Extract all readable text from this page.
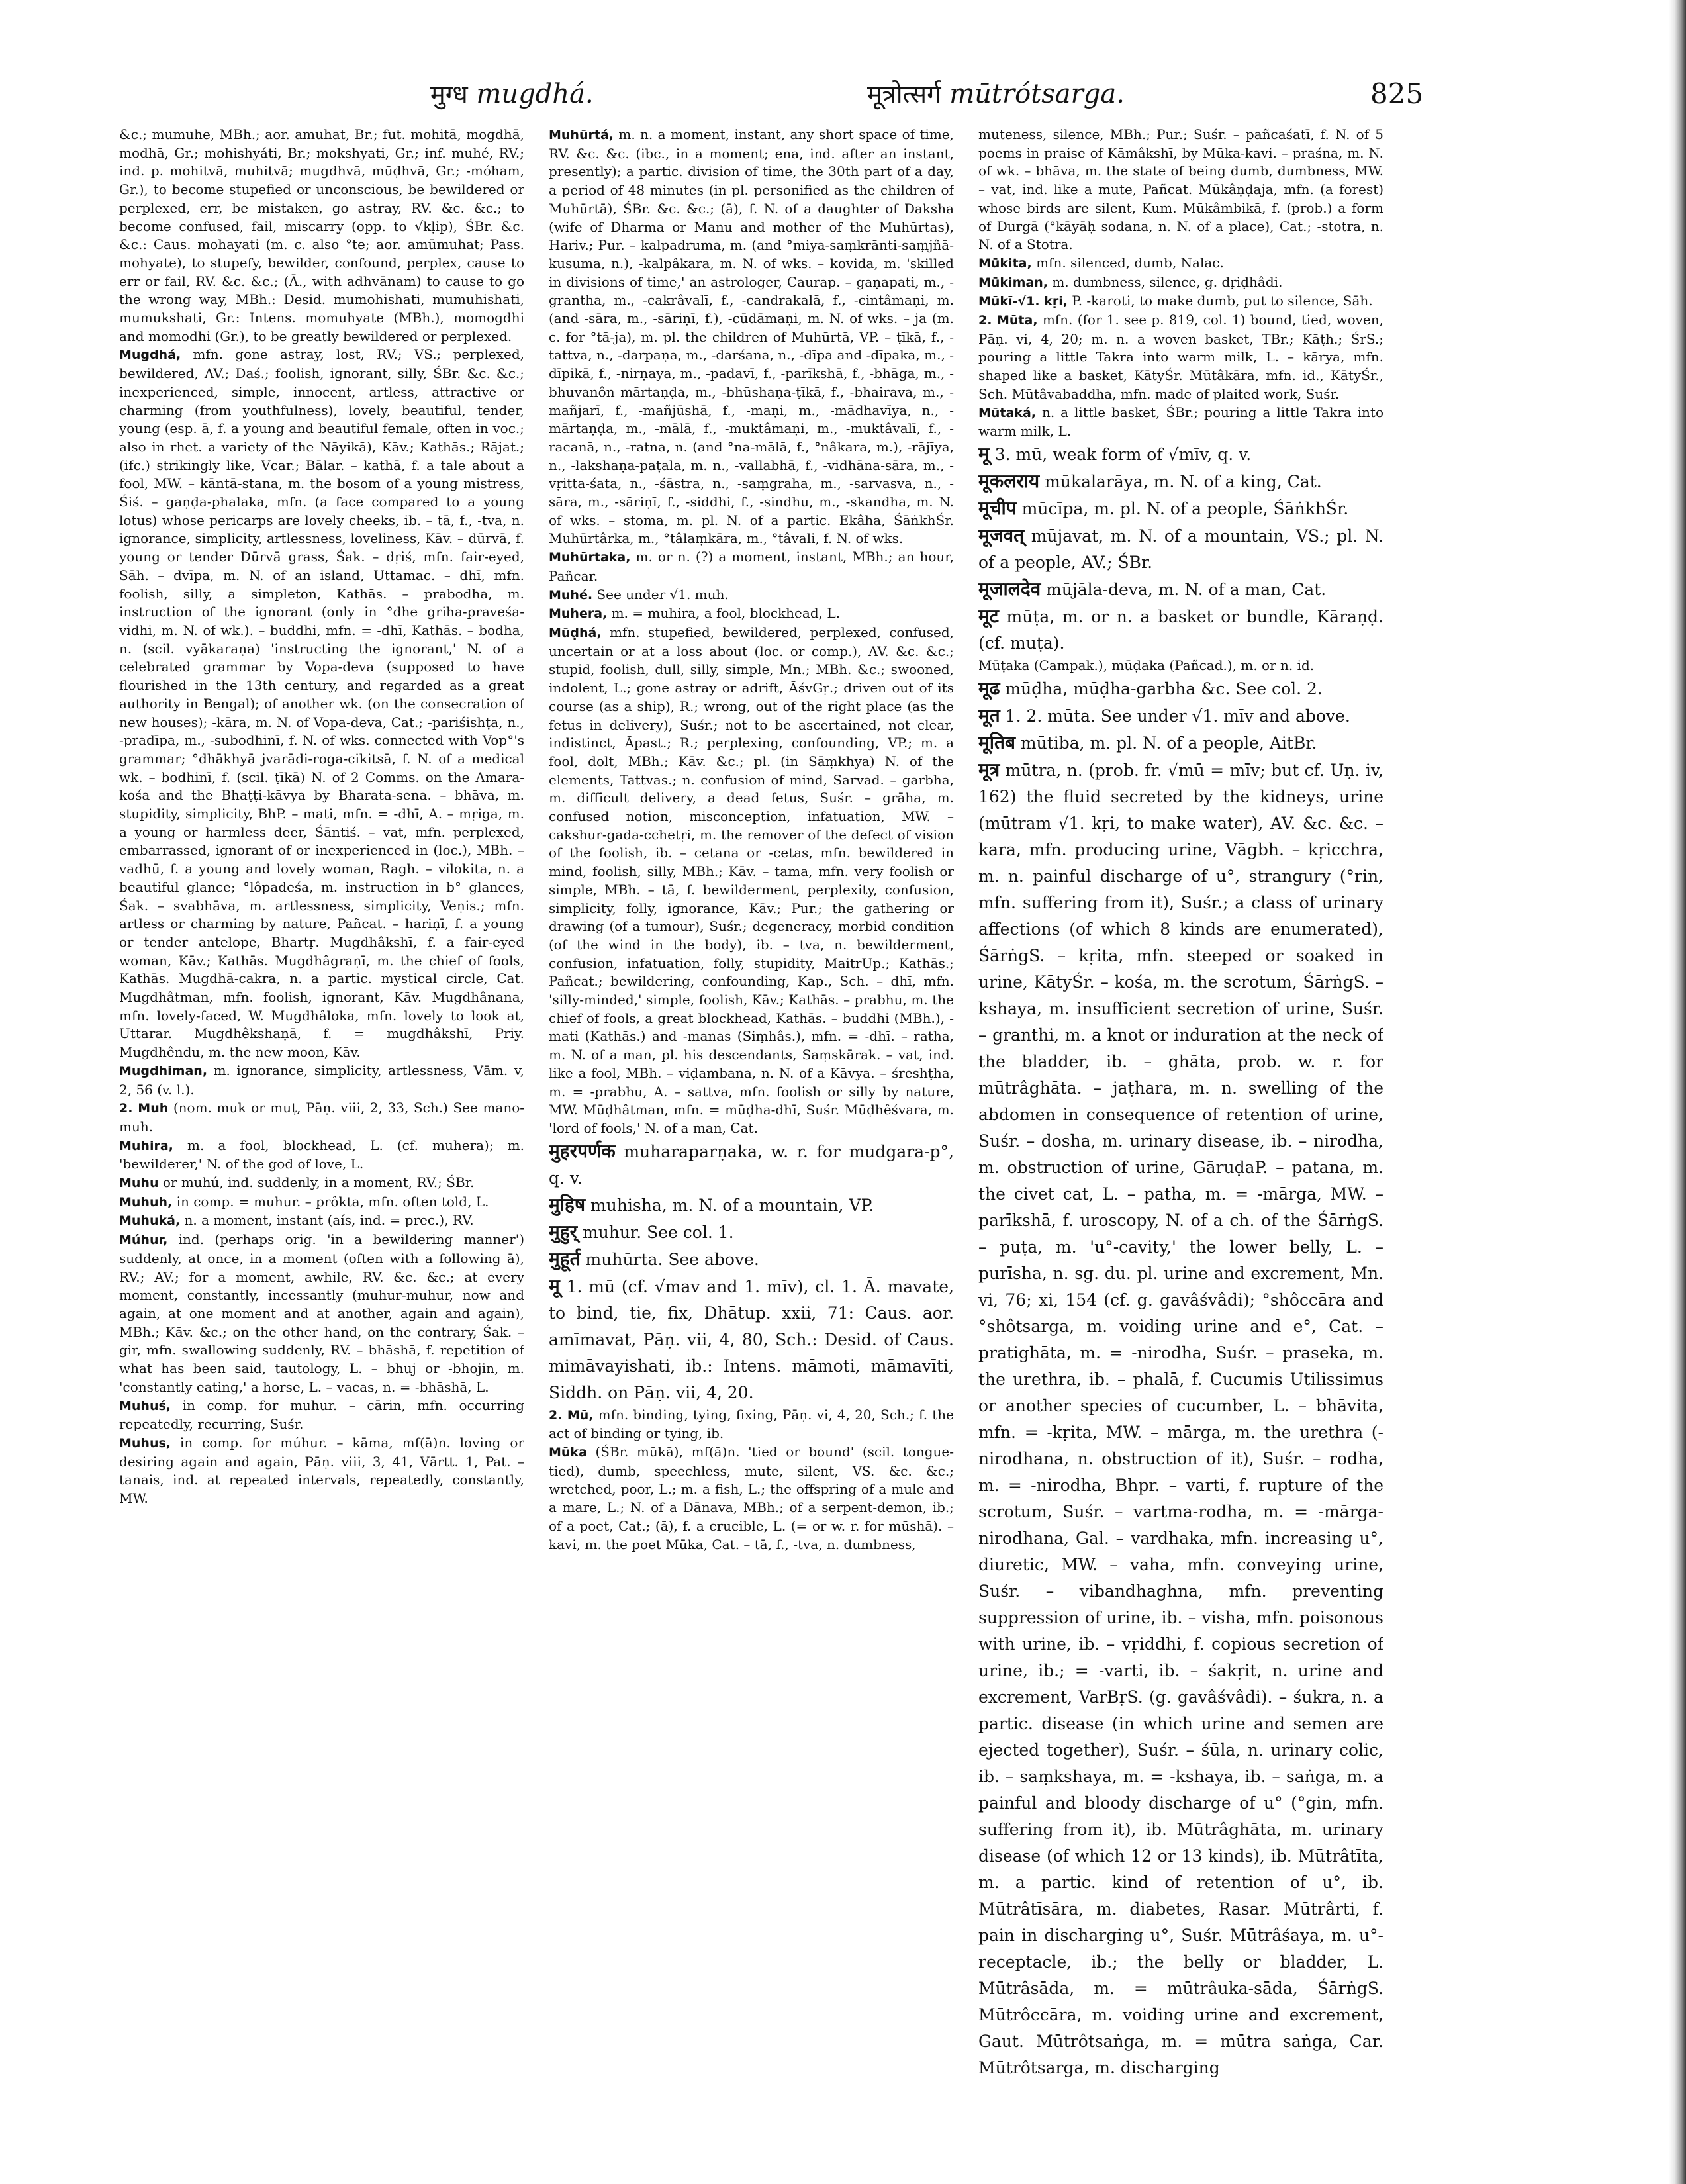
मुग्ध mugdhá.	मूत्रोत्सर्ग mūtrótsarga.	825

&c.; mumuhe, MBh.; aor. amuhat, Br.; fut. mohitā, mogdhā, modhā, Gr.; mohishyáti, Br.; mokshyati, Gr.; inf. muhé, RV.; ind. p. mohitvā, muhitvā; mugdhvā, mūḍhvā, Gr.; -móham, Gr.), to become stupefied or unconscious, be bewildered or perplexed, err, be mistaken, go astray, RV. &c. &c.; to become confused, fail, miscarry (opp. to √kḷip), ŚBr. &c. &c.: Caus. mohayati (m. c. also °te; aor. amūmuhat; Pass. mohyate), to stupefy, bewilder, confound, perplex, cause to err or fail, RV. &c. &c.; (Ā., with adhvānam) to cause to go the wrong way, MBh.: Desid. mumohishati, mumuhishati, mumukshati, Gr.: Intens. momuhyate (MBh.), momogdhi and momodhi (Gr.), to be greatly bewildered or perplexed.

Mugdhá, mfn. gone astray, lost, RV.; VS.; perplexed, bewildered, AV.; Daś.; foolish, ignorant, silly, ŚBr. &c. &c.; inexperienced, simple, innocent, artless, attractive or charming (from youthfulness), lovely, beautiful, tender, young (esp. ā, f. a young and beautiful female, often in voc.; also in rhet. a variety of the Nāyikā), Kāv.; Kathās.; Rājat.; (ifc.) strikingly like, Vcar.; Bālar. – kathā, f. a tale about a fool, MW. – kāntā-stana, m. the bosom of a young mistress, Śiś. – gaṇḍa-phalaka, mfn. (a face compared to a young lotus) whose pericarps are lovely cheeks, ib. – tā, f., -tva, n. ignorance, simplicity, artlessness, loveliness, Kāv. – dūrvā, f. young or tender Dūrvā grass, Śak. – dṛiś, mfn. fair-eyed, Sāh. – dvīpa, m. N. of an island, Uttamac. – dhī, mfn. foolish, silly, a simpleton, Kathās. – prabodha, m. instruction of the ignorant (only in °dhe griha-praveśa-vidhi, m. N. of wk.). – buddhi, mfn. = -dhī, Kathās. – bodha, n. (scil. vyākaraṇa) 'instructing the ignorant,' N. of a celebrated grammar by Vopa-deva (supposed to have flourished in the 13th century, and regarded as a great authority in Bengal); of another wk. (on the consecration of new houses); -kāra, m. N. of Vopa-deva, Cat.; -pariśishṭa, n., -pradīpa, m., -subodhinī, f. N. of wks. connected with Vop°'s grammar; °dhākhyā jvarādi-roga-cikitsā, f. N. of a medical wk. – bodhinī, f. (scil. ṭīkā) N. of 2 Comms. on the Amara-kośa and the Bhaṭṭi-kāvya by Bharata-sena. – bhāva, m. stupidity, simplicity, BhP. – mati, mfn. = -dhī, A. – mṛiga, m. a young or harmless deer, Śāntiś. – vat, mfn. perplexed, embarrassed, ignorant of or inexperienced in (loc.), MBh. – vadhū, f. a young and lovely woman, Ragh. – vilokita, n. a beautiful glance; °lôpadeśa, m. instruction in b° glances, Śak. – svabhāva, m. artlessness, simplicity, Veṇis.; mfn. artless or charming by nature, Pañcat. – hariṇī, f. a young or tender antelope, Bhartṛ. Mugdhâkshī, f. a fair-eyed woman, Kāv.; Kathās. Mugdhâgraṇī, m. the chief of fools, Kathās. Mugdhā-cakra, n. a partic. mystical circle, Cat. Mugdhâtman, mfn. foolish, ignorant, Kāv. Mugdhânana, mfn. lovely-faced, W. Mugdhâloka, mfn. lovely to look at, Uttarar. Mugdhêkshaṇā, f. = mugdhâkshī, Priy. Mugdhêndu, m. the new moon, Kāv.

Mugdhiman, m. ignorance, simplicity, artlessness, Vām. v, 2, 56 (v. l.).

2. Muh (nom. muk or muṭ, Pāṇ. viii, 2, 33, Sch.) See mano-muh.

Muhira, m. a fool, blockhead, L. (cf. muhera); m. 'bewilderer,' N. of the god of love, L.

Muhu or muhú, ind. suddenly, in a moment, RV.; ŚBr.

Muhuh, in comp. = muhur. – prôkta, mfn. often told, L.

Muhuká, n. a moment, instant (aís, ind. = prec.), RV.

Múhur, ind. (perhaps orig. 'in a bewildering manner') suddenly, at once, in a moment (often with a following ā), RV.; AV.; for a moment, awhile, RV. &c. &c.; at every moment, constantly, incessantly (muhur-muhur, now and again, at one moment and at another, again and again), MBh.; Kāv. &c.; on the other hand, on the contrary, Śak. – gir, mfn. swallowing suddenly, RV. – bhāshā, f. repetition of what has been said, tautology, L. – bhuj or -bhojin, m. 'constantly eating,' a horse, L. – vacas, n. = -bhāshā, L.

Muhuś, in comp. for muhur. – cārin, mfn. occurring repeatedly, recurring, Suśr.

Muhus, in comp. for múhur. – kāma, mf(ā)n. loving or desiring again and again, Pāṇ. viii, 3, 41, Vārtt. 1, Pat. – tanais, ind. at repeated intervals, repeatedly, constantly, MW.

Muhūrtá, m. n. a moment, instant, any short space of time, RV. &c. &c. (ibc., in a moment; ena, ind. after an instant, presently); a partic. division of time, the 30th part of a day, a period of 48 minutes (in pl. personified as the children of Muhūrtā), ŚBr. &c. &c.; (ā), f. N. of a daughter of Daksha (wife of Dharma or Manu and mother of the Muhūrtas), Hariv.; Pur. – kalpadruma, m. (and °miya-saṃkrānti-saṃjñā-kusuma, n.), -kalpâkara, m. N. of wks. – kovida, m. 'skilled in divisions of time,' an astrologer, Caurap. – gaṇapati, m., -grantha, m., -cakrâvalī, f., -candrakalā, f., -cintâmaṇi, m. (and -sāra, m., -sāriṇī, f.), -cūdāmaṇi, m. N. of wks. – ja (m. c. for °tā-ja), m. pl. the children of Muhūrtā, VP. – ṭīkā, f., -tattva, n., -darpaṇa, m., -darśana, n., -dīpa and -dīpaka, m., -dīpikā, f., -nirṇaya, m., -padavī, f., -parīkshā, f., -bhāga, m., -bhuvanôn mārtaṇḍa, m., -bhūshaṇa-ṭīkā, f., -bhairava, m., -mañjarī, f., -mañjūshā, f., -maṇi, m., -mādhavīya, n., -mārtaṇḍa, m., -mālā, f., -muktâmaṇi, m., -muktâvalī, f., -racanā, n., -ratna, n. (and °na-mālā, f., °nâkara, m.), -rājīya, n., -lakshaṇa-paṭala, m. n., -vallabhā, f., -vidhāna-sāra, m., -vṛitta-śata, n., -śāstra, n., -saṃgraha, m., -sarvasva, n., -sāra, m., -sāriṇī, f., -siddhi, f., -sindhu, m., -skandha, m. N. of wks. – stoma, m. pl. N. of a partic. Ekâha, ŚāṅkhŚr. Muhūrtârka, m., °tâlaṃkāra, m., °tâvali, f. N. of wks.

Muhūrtaka, m. or n. (?) a moment, instant, MBh.; an hour, Pañcar.

Muhé. See under √1. muh.

Muhera, m. = muhira, a fool, blockhead, L.

Mūḍhá, mfn. stupefied, bewildered, perplexed, confused, uncertain or at a loss about (loc. or comp.), AV. &c. &c.; stupid, foolish, dull, silly, simple, Mn.; MBh. &c.; swooned, indolent, L.; gone astray or adrift, ĀśvGṛ.; driven out of its course (as a ship), R.; wrong, out of the right place (as the fetus in delivery), Suśr.; not to be ascertained, not clear, indistinct, Āpast.; R.; perplexing, confounding, VP.; m. a fool, dolt, MBh.; Kāv. &c.; pl. (in Sāṃkhya) N. of the elements, Tattvas.; n. confusion of mind, Sarvad. – garbha, m. difficult delivery, a dead fetus, Suśr. – grāha, m. confused notion, misconception, infatuation, MW. – cakshur-gada-cchetṛi, m. the remover of the defect of vision of the foolish, ib. – cetana or -cetas, mfn. bewildered in mind, foolish, silly, MBh.; Kāv. – tama, mfn. very foolish or simple, MBh. – tā, f. bewilderment, perplexity, confusion, simplicity, folly, ignorance, Kāv.; Pur.; the gathering or drawing (of a tumour), Suśr.; degeneracy, morbid condition (of the wind in the body), ib. – tva, n. bewilderment, confusion, infatuation, folly, stupidity, MaitrUp.; Kathās.; Pañcat.; bewildering, confounding, Kap., Sch. – dhī, mfn. 'silly-minded,' simple, foolish, Kāv.; Kathās. – prabhu, m. the chief of fools, a great blockhead, Kathās. – buddhi (MBh.), -mati (Kathās.) and -manas (Siṃhâs.), mfn. = -dhī. – ratha, m. N. of a man, pl. his descendants, Saṃskārak. – vat, ind. like a fool, MBh. – viḍambana, n. N. of a Kāvya. – śreshṭha, m. = -prabhu, A. – sattva, mfn. foolish or silly by nature, MW. Mūḍhâtman, mfn. = mūḍha-dhī, Suśr. Mūḍhêśvara, m. 'lord of fools,' N. of a man, Cat.

मुहरपर्णक muharaparṇaka, w. r. for mudgara-p°, q. v.

मुहिष muhisha, m. N. of a mountain, VP.

मुहुर् muhur. See col. 1.

मुहूर्त muhūrta. See above.

मू 1. mū (cf. √mav and 1. mīv), cl. 1. Ā. mavate, to bind, tie, fix, Dhātup. xxii, 71: Caus. aor. amīmavat, Pāṇ. vii, 4, 80, Sch.: Desid. of Caus. mimāvayishati, ib.: Intens. māmoti, māmavīti, Siddh. on Pāṇ. vii, 4, 20.

2. Mū, mfn. binding, tying, fixing, Pāṇ. vi, 4, 20, Sch.; f. the act of binding or tying, ib.

Mūka (ŚBr. mūkā), mf(ā)n. 'tied or bound' (scil. tongue-tied), dumb, speechless, mute, silent, VS. &c. &c.; wretched, poor, L.; m. a fish, L.; the offspring of a mule and a mare, L.; N. of a Dānava, MBh.; of a serpent-demon, ib.; of a poet, Cat.; (ā), f. a crucible, L. (= or w. r. for mūshā). – kavi, m. the poet Mūka, Cat. – tā, f., -tva, n. dumbness,

muteness, silence, MBh.; Pur.; Suśr. – pañcaśatī, f. N. of 5 poems in praise of Kāmâkshī, by Mūka-kavi. – praśna, m. N. of wk. – bhāva, m. the state of being dumb, dumbness, MW. – vat, ind. like a mute, Pañcat. Mūkâṇḍaja, mfn. (a forest) whose birds are silent, Kum. Mūkâmbikā, f. (prob.) a form of Durgā (°kāyāḥ sodana, n. N. of a place), Cat.; -stotra, n. N. of a Stotra.

Mūkita, mfn. silenced, dumb, Nalac.

Mūkiman, m. dumbness, silence, g. dṛiḍhâdi.

Mūkī-√1. kṛi, P. -karoti, to make dumb, put to silence, Sāh.

2. Mūta, mfn. (for 1. see p. 819, col. 1) bound, tied, woven, Pāṇ. vi, 4, 20; m. n. a woven basket, TBr.; Kāṭh.; ŚrS.; pouring a little Takra into warm milk, L. – kārya, mfn. shaped like a basket, KātyŚr. Mūtâkāra, mfn. id., KātyŚr., Sch. Mūtâvabaddha, mfn. made of plaited work, Suśr.

Mūtaká, n. a little basket, ŚBr.; pouring a little Takra into warm milk, L.

मू 3. mū, weak form of √mīv, q. v.

मूकलराय mūkalarāya, m. N. of a king, Cat.

मूचीप mūcīpa, m. pl. N. of a people, ŚāṅkhŚr.

मूजवत् mūjavat, m. N. of a mountain, VS.; pl. N. of a people, AV.; ŚBr.

मूजालदेव mūjāla-deva, m. N. of a man, Cat.

मूट mūṭa, m. or n. a basket or bundle, Kāraṇḍ. (cf. muṭa).

Mūṭaka (Campak.), mūḍaka (Pañcad.), m. or n. id.

मूढ mūḍha, mūḍha-garbha &c. See col. 2.

मूत 1. 2. mūta. See under √1. mīv and above.

मूतिब mūtiba, m. pl. N. of a people, AitBr.

मूत्र mūtra, n. (prob. fr. √mū = mīv; but cf. Uṇ. iv, 162) the fluid secreted by the kidneys, urine (mūtram √1. kṛi, to make water), AV. &c. &c. – kara, mfn. producing urine, Vāgbh. – kṛicchra, m. n. painful discharge of u°, strangury (°rin, mfn. suffering from it), Suśr.; a class of urinary affections (of which 8 kinds are enumerated), ŚārṅgS. – kṛita, mfn. steeped or soaked in urine, KātyŚr. – kośa, m. the scrotum, ŚārṅgS. – kshaya, m. insufficient secretion of urine, Suśr. – granthi, m. a knot or induration at the neck of the bladder, ib. – ghāta, prob. w. r. for mūtrâghāta. – jaṭhara, m. n. swelling of the abdomen in consequence of retention of urine, Suśr. – dosha, m. urinary disease, ib. – nirodha, m. obstruction of urine, GāruḍaP. – patana, m. the civet cat, L. – patha, m. = -mārga, MW. – parīkshā, f. uroscopy, N. of a ch. of the ŚārṅgS. – puṭa, m. 'u°-cavity,' the lower belly, L. – purīsha, n. sg. du. pl. urine and excrement, Mn. vi, 76; xi, 154 (cf. g. gavâśvâdi); °shôccāra and °shôtsarga, m. voiding urine and e°, Cat. – pratighāta, m. = -nirodha, Suśr. – praseka, m. the urethra, ib. – phalā, f. Cucumis Utilissimus or another species of cucumber, L. – bhāvita, mfn. = -kṛita, MW. – mārga, m. the urethra (-nirodhana, n. obstruction of it), Suśr. – rodha, m. = -nirodha, Bhpr. – varti, f. rupture of the scrotum, Suśr. – vartma-rodha, m. = -mārga-nirodhana, Gal. – vardhaka, mfn. increasing u°, diuretic, MW. – vaha, mfn. conveying urine, Suśr. – vibandhaghna, mfn. preventing suppression of urine, ib. – visha, mfn. poisonous with urine, ib. – vṛiddhi, f. copious secretion of urine, ib.; = -varti, ib. – śakṛit, n. urine and excrement, VarBṛS. (g. gavâśvâdi). – śukra, n. a partic. disease (in which urine and semen are ejected together), Suśr. – śūla, n. urinary colic, ib. – saṃkshaya, m. = -kshaya, ib. – saṅga, m. a painful and bloody discharge of u° (°gin, mfn. suffering from it), ib. Mūtrâghāta, m. urinary disease (of which 12 or 13 kinds), ib. Mūtrâtīta, m. a partic. kind of retention of u°, ib. Mūtrâtīsāra, m. diabetes, Rasar. Mūtrârti, f. pain in discharging u°, Suśr. Mūtrâśaya, m. u°-receptacle, ib.; the belly or bladder, L. Mūtrâsāda, m. = mūtrâuka-sāda, ŚārṅgS. Mūtrôccāra, m. voiding urine and excrement, Gaut. Mūtrôtsaṅga, m. = mūtra saṅga, Car. Mūtrôtsarga, m. discharging
